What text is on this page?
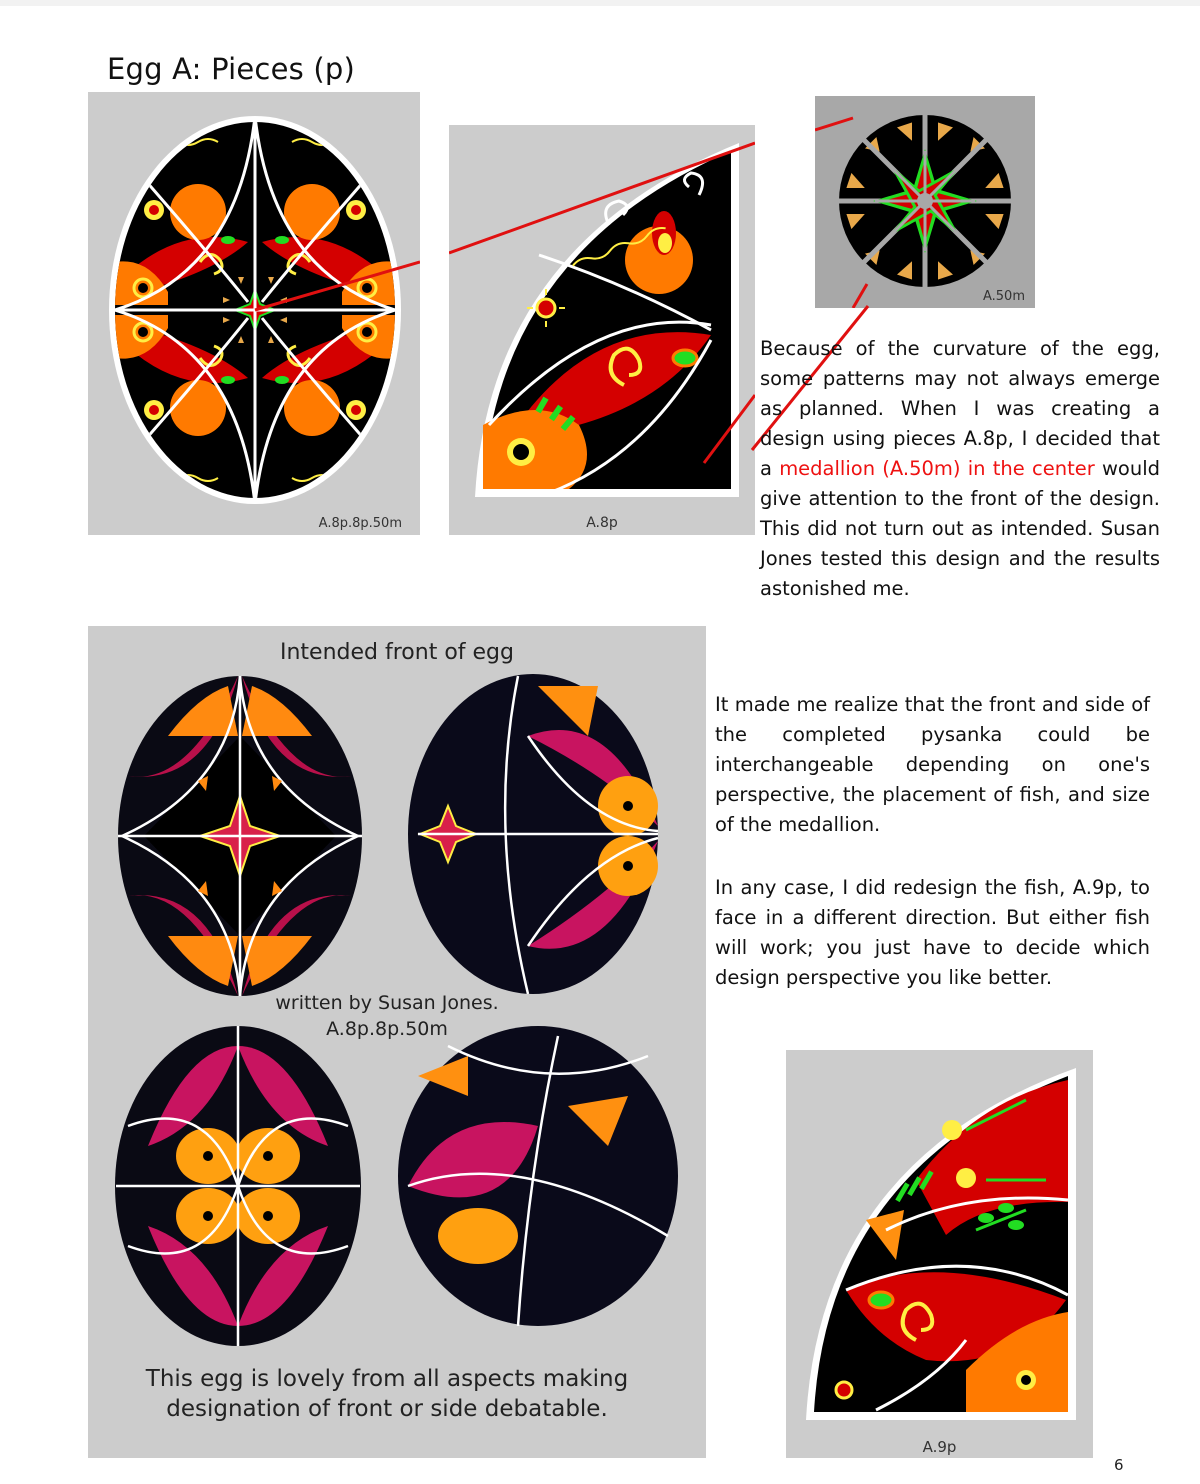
Egg A: Pieces (p)
A.8p.8p.50m	A.8p
A.50m
Because of the curvature of the egg, some patterns may not always emerge as planned. When I was creating a design using pieces A.8p, I decided that a medallion (A.50m) in the center would give attention to the front of the design. This did not turn out as intended. Susan Jones tested this design and the results astonished me.
Intended front of egg
written by Susan Jones.
A.8p.8p.50m
This egg is lovely from all aspects making
designation of front or side debatable.
It made me realize that the front and side of the completed pysanka could be interchangeable depending on one's perspective, the placement of fish, and size of the medallion.
In any case, I did redesign the fish, A.9p, to face in a different direction. But either fish will work; you just have to decide which design perspective you like better.
A.9p
6
